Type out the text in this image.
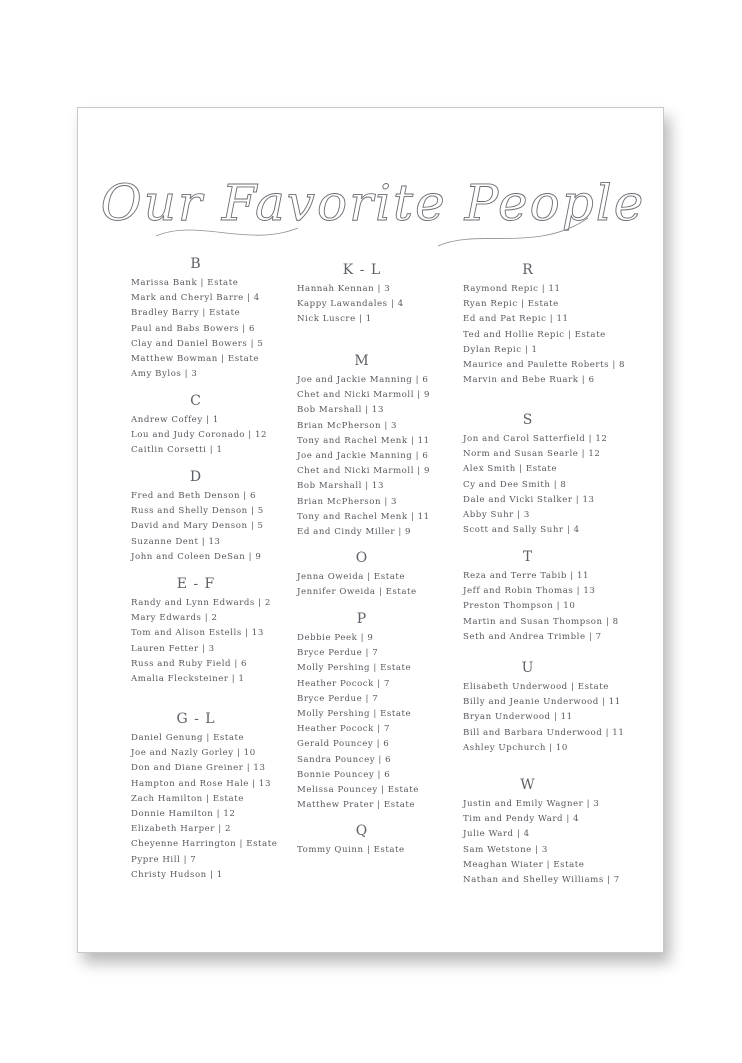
Our Favorite People
B
Marissa Bank | Estate
Mark and Cheryl Barre | 4
Bradley Barry | Estate
Paul and Babs Bowers | 6
Clay and Daniel Bowers | 5
Matthew Bowman | Estate
Amy Bylos | 3
C
Andrew Coffey | 1
Lou and Judy Coronado | 12
Caitlin Corsetti | 1
D
Fred and Beth Denson | 6
Russ and Shelly Denson | 5
David and Mary Denson | 5
Suzanne Dent | 13
John and Coleen DeSan | 9
E - F
Randy and Lynn Edwards | 2
Mary Edwards | 2
Tom and Alison Estells | 13
Lauren Fetter | 3
Russ and Ruby Field | 6
Amalia Flecksteiner | 1
G - L
Daniel Genung | Estate
Joe and Nazly Gorley | 10
Don and Diane Greiner | 13
Hampton and Rose Hale | 13
Zach Hamilton | Estate
Donnie Hamilton | 12
Elizabeth Harper | 2
Cheyenne Harrington | Estate
Pypre Hill | 7
Christy Hudson | 1
K - L
Hannah Kennan | 3
Kappy Lawandales | 4
Nick Luscre | 1
M
Joe and Jackie Manning | 6
Chet and Nicki Marmoll | 9
Bob Marshall | 13
Brian McPherson | 3
Tony and Rachel Menk | 11
Joe and Jackie Manning | 6
Chet and Nicki Marmoll | 9
Bob Marshall | 13
Brian McPherson | 3
Tony and Rachel Menk | 11
Ed and Cindy Miller | 9
O
Jenna Oweida | Estate
Jennifer Oweida | Estate
P
Debbie Peek | 9
Bryce Perdue | 7
Molly Pershing | Estate
Heather Pocock | 7
Bryce Perdue | 7
Molly Pershing | Estate
Heather Pocock | 7
Gerald Pouncey | 6
Sandra Pouncey | 6
Bonnie Pouncey | 6
Melissa Pouncey | Estate
Matthew Prater | Estate
Q
Tommy Quinn | Estate
R
Raymond Repic | 11
Ryan Repic | Estate
Ed and Pat Repic | 11
Ted and Hollie Repic | Estate
Dylan Repic | 1
Maurice and Paulette Roberts | 8
Marvin and Bebe Ruark | 6
S
Jon and Carol Satterfield | 12
Norm and Susan Searle | 12
Alex Smith | Estate
Cy and Dee Smith | 8
Dale and Vicki Stalker | 13
Abby Suhr | 3
Scott and Sally Suhr | 4
T
Reza and Terre Tabib | 11
Jeff and Robin Thomas | 13
Preston Thompson | 10
Martin and Susan Thompson | 8
Seth and Andrea Trimble | 7
U
Elisabeth Underwood | Estate
Billy and Jeanie Underwood | 11
Bryan Underwood | 11
Bill and Barbara Underwood | 11
Ashley Upchurch | 10
W
Justin and Emily Wagner | 3
Tim and Pendy Ward | 4
Julie Ward | 4
Sam Wetstone | 3
Meaghan Wiater | Estate
Nathan and Shelley Williams | 7
